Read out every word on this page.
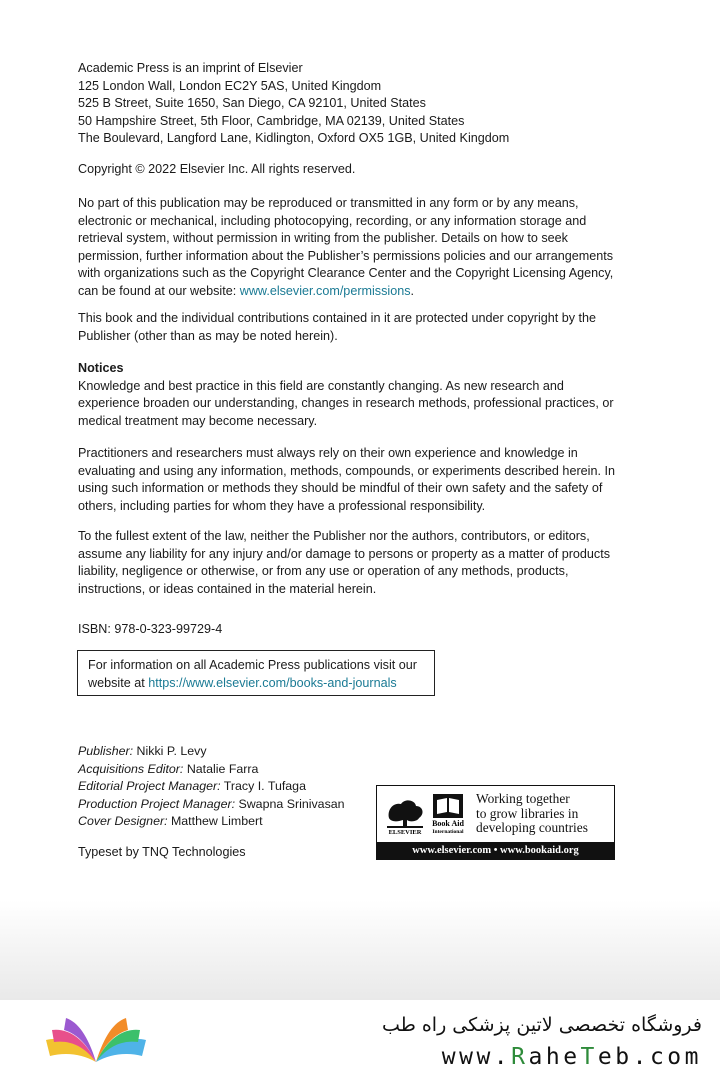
Academic Press is an imprint of Elsevier

125 London Wall, London EC2Y 5AS, United Kingdom

525 B Street, Suite 1650, San Diego, CA 92101, United States

50 Hampshire Street, 5th Floor, Cambridge, MA 02139, United States

The Boulevard, Langford Lane, Kidlington, Oxford OX5 1GB, United Kingdom

Copyright © 2022 Elsevier Inc. All rights reserved.

No part of this publication may be reproduced or transmitted in any form or by any means, electronic or mechanical, including photocopying, recording, or any information storage and retrieval system, without permission in writing from the publisher. Details on how to seek permission, further information about the Publisher’s permissions policies and our arrangements with organizations such as the Copyright Clearance Center and the Copyright Licensing Agency, can be found at our website: www.elsevier.com/permissions.

This book and the individual contributions contained in it are protected under copyright by the Publisher (other than as may be noted herein).

Notices

Knowledge and best practice in this field are constantly changing. As new research and experience broaden our understanding, changes in research methods, professional practices, or medical treatment may become necessary.

Practitioners and researchers must always rely on their own experience and knowledge in evaluating and using any information, methods, compounds, or experiments described herein. In using such information or methods they should be mindful of their own safety and the safety of others, including parties for whom they have a professional responsibility.

To the fullest extent of the law, neither the Publisher nor the authors, contributors, or editors, assume any liability for any injury and/or damage to persons or property as a matter of products liability, negligence or otherwise, or from any use or operation of any methods, products, instructions, or ideas contained in the material herein.

ISBN: 978-0-323-99729-4

For information on all Academic Press publications visit our
website at https://www.elsevier.com/books-and-journals
Publisher: Nikki P. Levy
Acquisitions Editor: Natalie Farra
Editorial Project Manager: Tracy I. Tufaga
Production Project Manager: Swapna Srinivasan
Cover Designer: Matthew Limbert
Typeset by TNQ Technologies
ELSEVIER
Book Aid
International
Working together
to grow libraries in
developing countries
www.elsevier.com • www.bookaid.org
فروشگاه تخصصی لاتین پزشکی راه طب
www.RaheTeb.com
